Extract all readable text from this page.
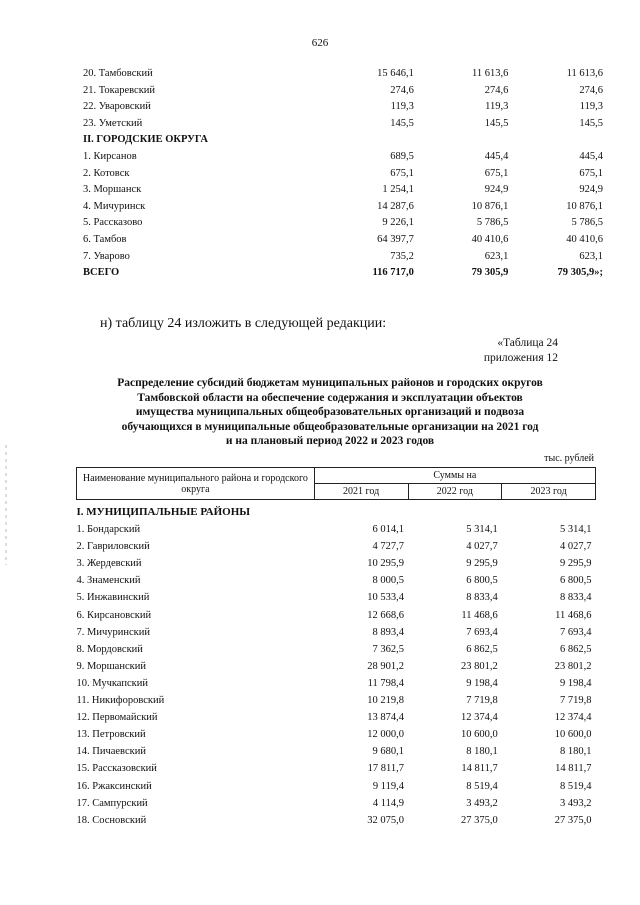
626
20. Тамбовский	15 646,1	11 613,6	11 613,6
21. Токаревский	274,6	274,6	274,6
22. Уваровский	119,3	119,3	119,3
23. Уметский	145,5	145,5	145,5
II. ГОРОДСКИЕ ОКРУГА			
1. Кирсанов	689,5	445,4	445,4
2. Котовск	675,1	675,1	675,1
3. Моршанск	1 254,1	924,9	924,9
4. Мичуринск	14 287,6	10 876,1	10 876,1
5. Рассказово	9 226,1	5 786,5	5 786,5
6. Тамбов	64 397,7	40 410,6	40 410,6
7. Уварово	735,2	623,1	623,1
ВСЕГО	116 717,0	79 305,9	79 305,9»;
н) таблицу 24 изложить в следующей редакции:
«Таблица 24
приложения 12
Распределение субсидий бюджетам муниципальных районов и городских округов
Тамбовской области на обеспечение содержания и эксплуатации объектов
имущества муниципальных общеобразовательных организаций и подвоза
обучающихся в муниципальные общеобразовательные организации на 2021 год
и на плановый период 2022 и 2023 годов
тыс. рублей
Наименование муниципального района и городского округа	Суммы на		
	2021 год	2022 год	2023 год
I. МУНИЦИПАЛЬНЫЕ РАЙОНЫ			
1. Бондарский	6 014,1	5 314,1	5 314,1
2. Гавриловский	4 727,7	4 027,7	4 027,7
3. Жердевский	10 295,9	9 295,9	9 295,9
4. Знаменский	8 000,5	6 800,5	6 800,5
5. Инжавинский	10 533,4	8 833,4	8 833,4
6. Кирсановский	12 668,6	11 468,6	11 468,6
7. Мичуринский	8 893,4	7 693,4	7 693,4
8. Мордовский	7 362,5	6 862,5	6 862,5
9. Моршанский	28 901,2	23 801,2	23 801,2
10. Мучкапский	11 798,4	9 198,4	9 198,4
11. Никифоровский	10 219,8	7 719,8	7 719,8
12. Первомайский	13 874,4	12 374,4	12 374,4
13. Петровский	12 000,0	10 600,0	10 600,0
14. Пичаевский	9 680,1	8 180,1	8 180,1
15. Рассказовский	17 811,7	14 811,7	14 811,7
16. Ржаксинский	9 119,4	8 519,4	8 519,4
17. Сампурский	4 114,9	3 493,2	3 493,2
18. Сосновский	32 075,0	27 375,0	27 375,0
